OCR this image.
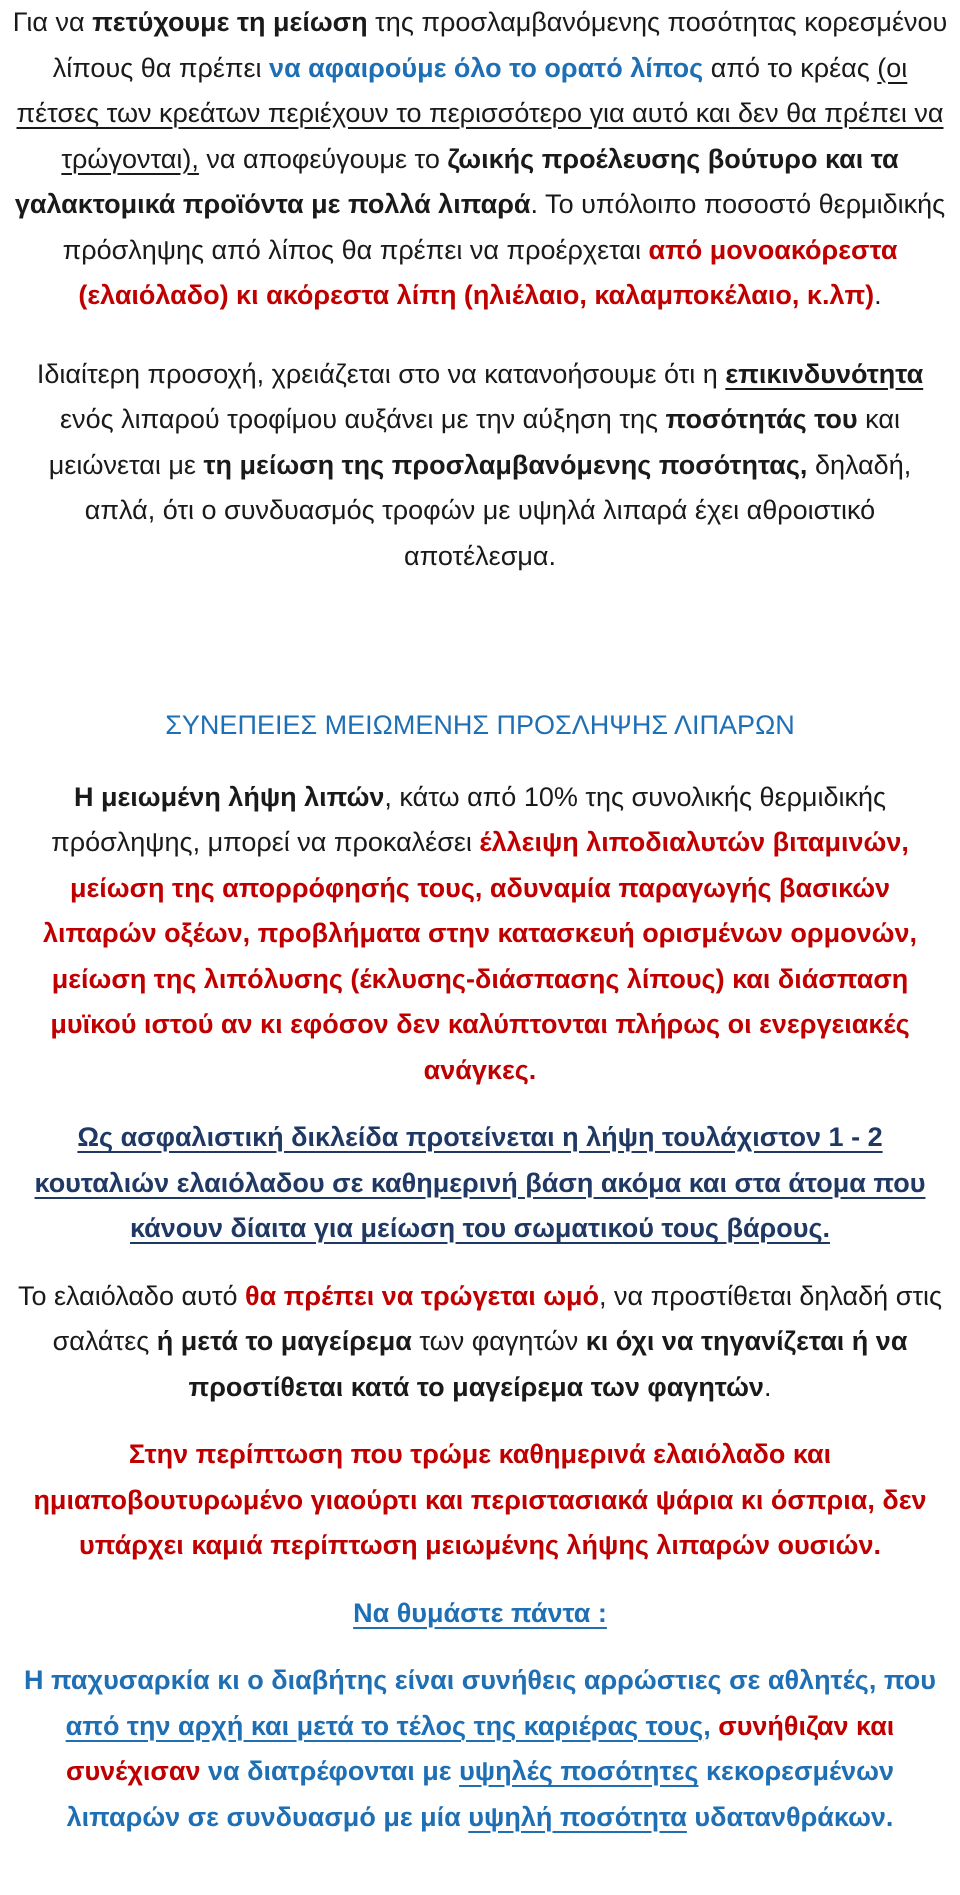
Για να πετύχουμε τη μείωση της προσλαμβανόμενης ποσότητας κορεσμένου λίπους θα πρέπει να αφαιρούμε όλο το ορατό λίπος από το κρέας (οι πέτσες των κρεάτων περιέχουν το περισσότερο για αυτό και δεν θα πρέπει να τρώγονται), να αποφεύγουμε το ζωικής προέλευσης βούτυρο και τα γαλακτομικά προϊόντα με πολλά λιπαρά. Το υπόλοιπο ποσοστό θερμιδικής πρόσληψης από λίπος θα πρέπει να προέρχεται από μονοακόρεστα (ελαιόλαδο) κι ακόρεστα λίπη (ηλιέλαιο, καλαμποκέλαιο, κ.λπ).

Ιδιαίτερη προσοχή, χρειάζεται στο να κατανοήσουμε ότι η επικινδυνότητα ενός λιπαρού τροφίμου αυξάνει με την αύξηση της ποσότητάς του και μειώνεται με τη μείωση της προσλαμβανόμενης ποσότητας, δηλαδή, απλά, ότι ο συνδυασμός τροφών με υψηλά λιπαρά έχει αθροιστικό αποτέλεσμα.

ΣΥΝΕΠΕΙΕΣ ΜΕΙΩΜΕΝΗΣ ΠΡΟΣΛΗΨΗΣ ΛΙΠΑΡΩΝ

Η μειωμένη λήψη λιπών, κάτω από 10% της συνολικής θερμιδικής πρόσληψης, μπορεί να προκαλέσει έλλειψη λιποδιαλυτών βιταμινών, μείωση της απορρόφησής τους, αδυναμία παραγωγής βασικών λιπαρών οξέων, προβλήματα στην κατασκευή ορισμένων ορμονών, μείωση της λιπόλυσης (έκλυσης-διάσπασης λίπους) και διάσπαση μυϊκού ιστού αν κι εφόσον δεν καλύπτονται πλήρως οι ενεργειακές ανάγκες.

Ως ασφαλιστική δικλείδα προτείνεται η λήψη τουλάχιστον 1 - 2 κουταλιών ελαιόλαδου σε καθημερινή βάση ακόμα και στα άτομα που κάνουν δίαιτα για μείωση του σωματικού τους βάρους.

Το ελαιόλαδο αυτό θα πρέπει να τρώγεται ωμό, να προστίθεται δηλαδή στις σαλάτες ή μετά το μαγείρεμα των φαγητών κι όχι να τηγανίζεται ή να προστίθεται κατά το μαγείρεμα των φαγητών.

Στην περίπτωση που τρώμε καθημερινά ελαιόλαδο και ημιαποβουτυρωμένο γιαούρτι και περιστασιακά ψάρια κι όσπρια, δεν υπάρχει καμιά περίπτωση μειωμένης λήψης λιπαρών ουσιών.

Να θυμάστε πάντα :

Η παχυσαρκία κι ο διαβήτης είναι συνήθεις αρρώστιες σε αθλητές, που από την αρχή και μετά το τέλος της καριέρας τους, συνήθιζαν και συνέχισαν να διατρέφονται με υψηλές ποσότητες κεκορεσμένων λιπαρών σε συνδυασμό με μία υψηλή ποσότητα υδατανθράκων.
